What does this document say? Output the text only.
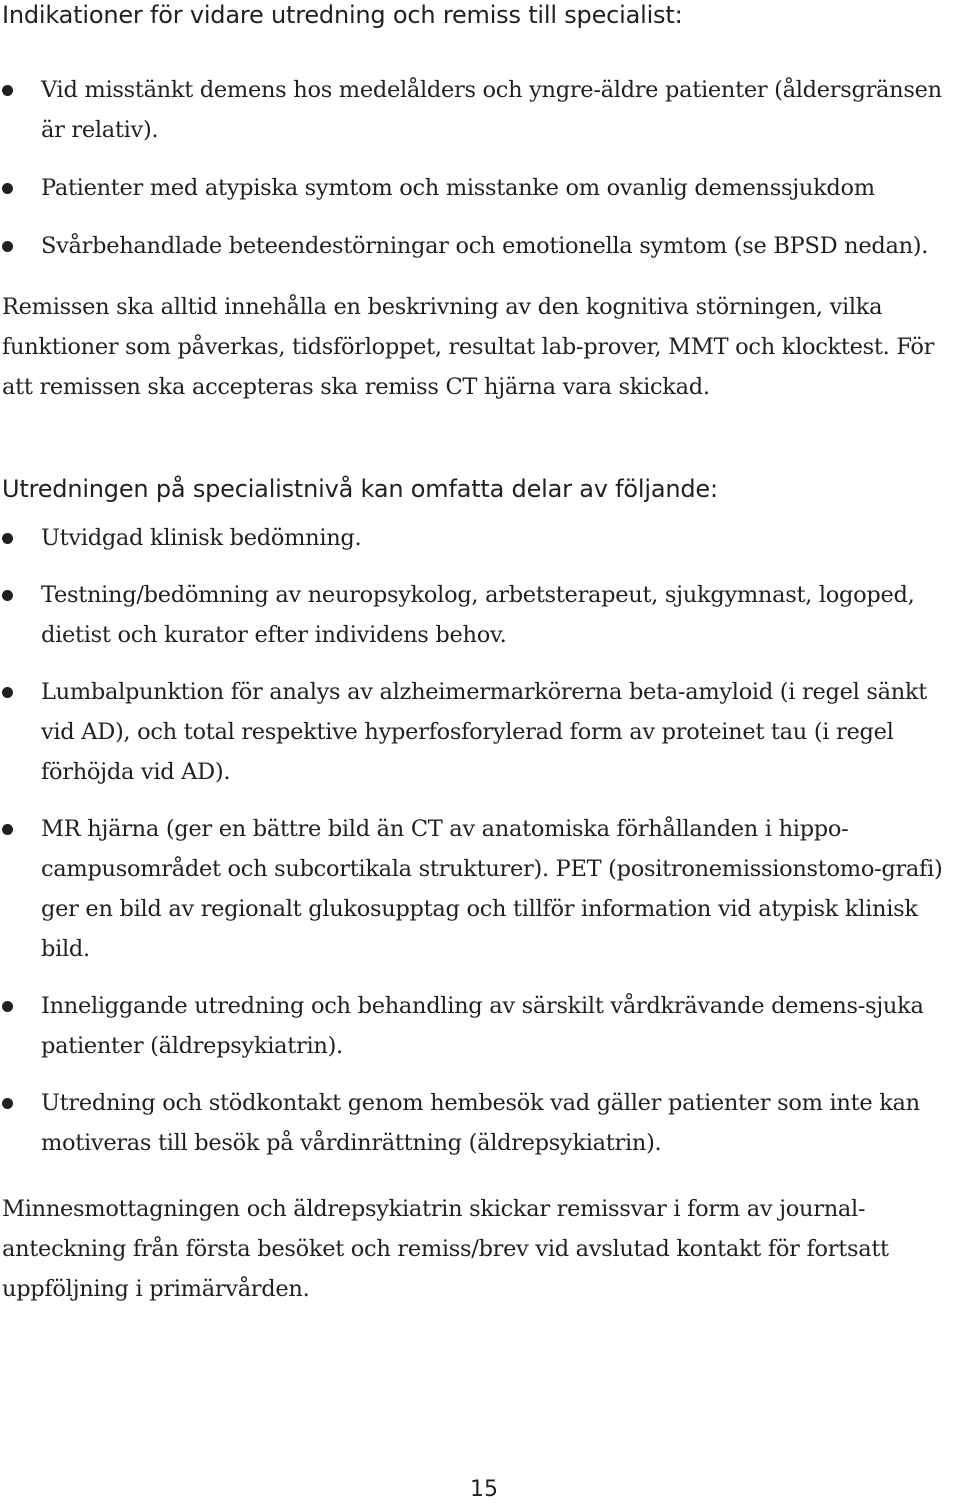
Indikationer för vidare utredning och remiss till specialist:
Vid misstänkt demens hos medelålders och yngre-äldre patienter (åldersgränsen är relativ).
Patienter med atypiska symtom och misstanke om ovanlig demenssjukdom
Svårbehandlade beteendestörningar och emotionella symtom (se BPSD nedan).

Remissen ska alltid innehålla en beskrivning av den kognitiva störningen, vilka funktioner som påverkas, tidsförloppet, resultat lab-prover, MMT och klocktest. För att remissen ska accepteras ska remiss CT hjärna vara skickad.

Utredningen på specialistnivå kan omfatta delar av följande:
Utvidgad klinisk bedömning.
Testning/bedömning av neuropsykolog, arbetsterapeut, sjukgymnast, logoped, dietist och kurator efter individens behov.
Lumbalpunktion för analys av alzheimermarkörerna beta-amyloid (i regel sänkt vid AD), och total respektive hyperfosforylerad form av proteinet tau (i regel förhöjda vid AD).
MR hjärna (ger en bättre bild än CT av anatomiska förhållanden i hippo-campusområdet och subcortikala strukturer). PET (positronemissionstomo-grafi) ger en bild av regionalt glukosupptag och tillför information vid atypisk klinisk bild.
Inneliggande utredning och behandling av särskilt vårdkrävande demens-sjuka patienter (äldrepsykiatrin).
Utredning och stödkontakt genom hembesök vad gäller patienter som inte kan motiveras till besök på vårdinrättning (äldrepsykiatrin).

Minnesmottagningen och äldrepsykiatrin skickar remissvar i form av journal-anteckning från första besöket och remiss/brev vid avslutad kontakt för fortsatt uppföljning i primärvården.

15
